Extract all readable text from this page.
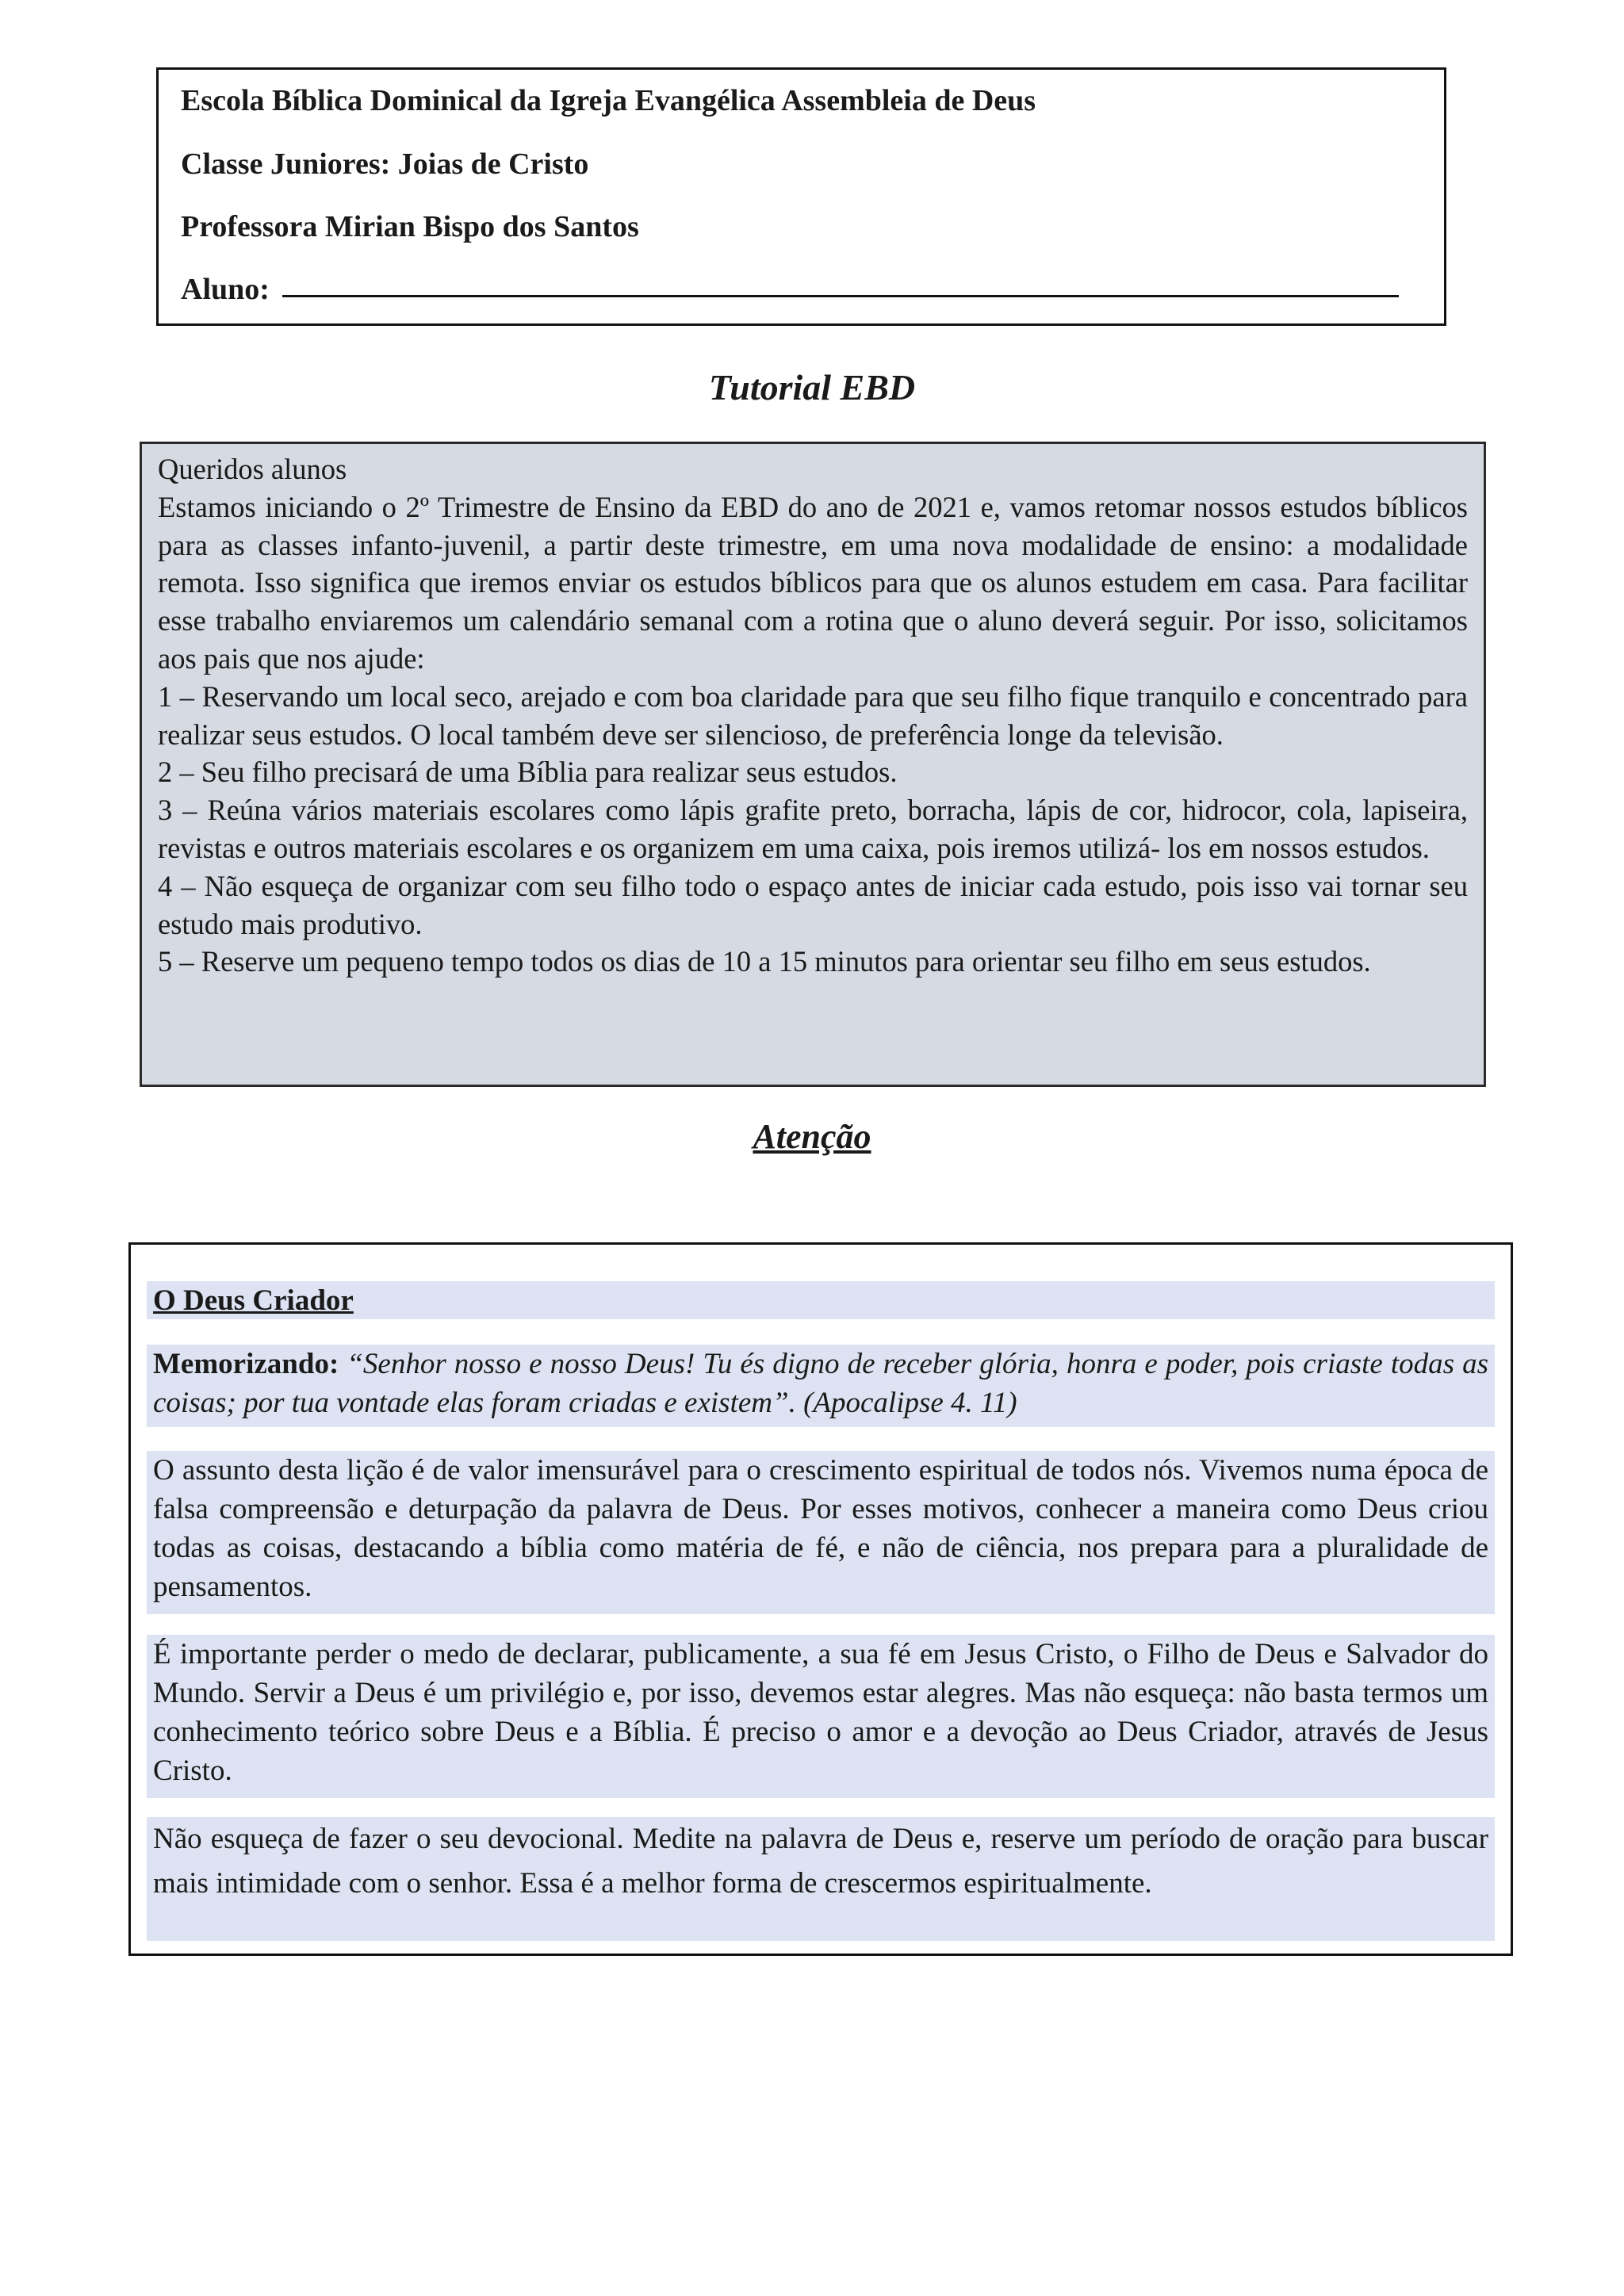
Escola Bíblica Dominical da Igreja Evangélica Assembleia de Deus
Classe Juniores: Joias de Cristo
Professora Mirian Bispo dos Santos
Aluno:
Tutorial EBD

Queridos alunos

Estamos iniciando o 2º Trimestre de Ensino da EBD do ano de 2021 e, vamos retomar nossos estudos bíblicos para as classes infanto-juvenil, a partir deste trimestre, em uma nova modalidade de ensino: a modalidade remota. Isso significa que iremos enviar os estudos bíblicos para que os alunos estudem em casa. Para facilitar esse trabalho enviaremos um calendário semanal com a rotina que o aluno deverá seguir. Por isso, solicitamos aos pais que nos ajude:

1 – Reservando um local seco, arejado e com boa claridade para que seu filho fique tranquilo e concentrado para realizar seus estudos. O local também deve ser silencioso, de preferência longe da televisão.

2 – Seu filho precisará de uma Bíblia para realizar seus estudos.

3 – Reúna vários materiais escolares como lápis grafite preto, borracha, lápis de cor, hidrocor, cola, lapiseira, revistas e outros materiais escolares e os organizem em uma caixa, pois iremos utilizá- los em nossos estudos.

4 – Não esqueça de organizar com seu filho todo o espaço antes de iniciar cada estudo, pois isso vai tornar seu estudo mais produtivo.

5 – Reserve um pequeno tempo todos os dias de 10 a 15 minutos para orientar seu filho em seus estudos.

Atenção

O Deus Criador

Memorizando: “Senhor nosso e nosso Deus! Tu és digno de receber glória, honra e poder, pois criaste todas as coisas; por tua vontade elas foram criadas e existem”. (Apocalipse 4. 11)

O assunto desta lição é de valor imensurável para o crescimento espiritual de todos nós. Vivemos numa época de falsa compreensão e deturpação da palavra de Deus. Por esses motivos, conhecer a maneira como Deus criou todas as coisas, destacando a bíblia como matéria de fé, e não de ciência, nos prepara para a pluralidade de pensamentos.

É importante perder o medo de declarar, publicamente, a sua fé em Jesus Cristo, o Filho de Deus e Salvador do Mundo. Servir a Deus é um privilégio e, por isso, devemos estar alegres. Mas não esqueça: não basta termos um conhecimento teórico sobre Deus e a Bíblia. É preciso o amor e a devoção ao Deus Criador, através de Jesus Cristo.

Não esqueça de fazer o seu devocional. Medite na palavra de Deus e, reserve um período de oração para buscar mais intimidade com o senhor. Essa é a melhor forma de crescermos espiritualmente.
